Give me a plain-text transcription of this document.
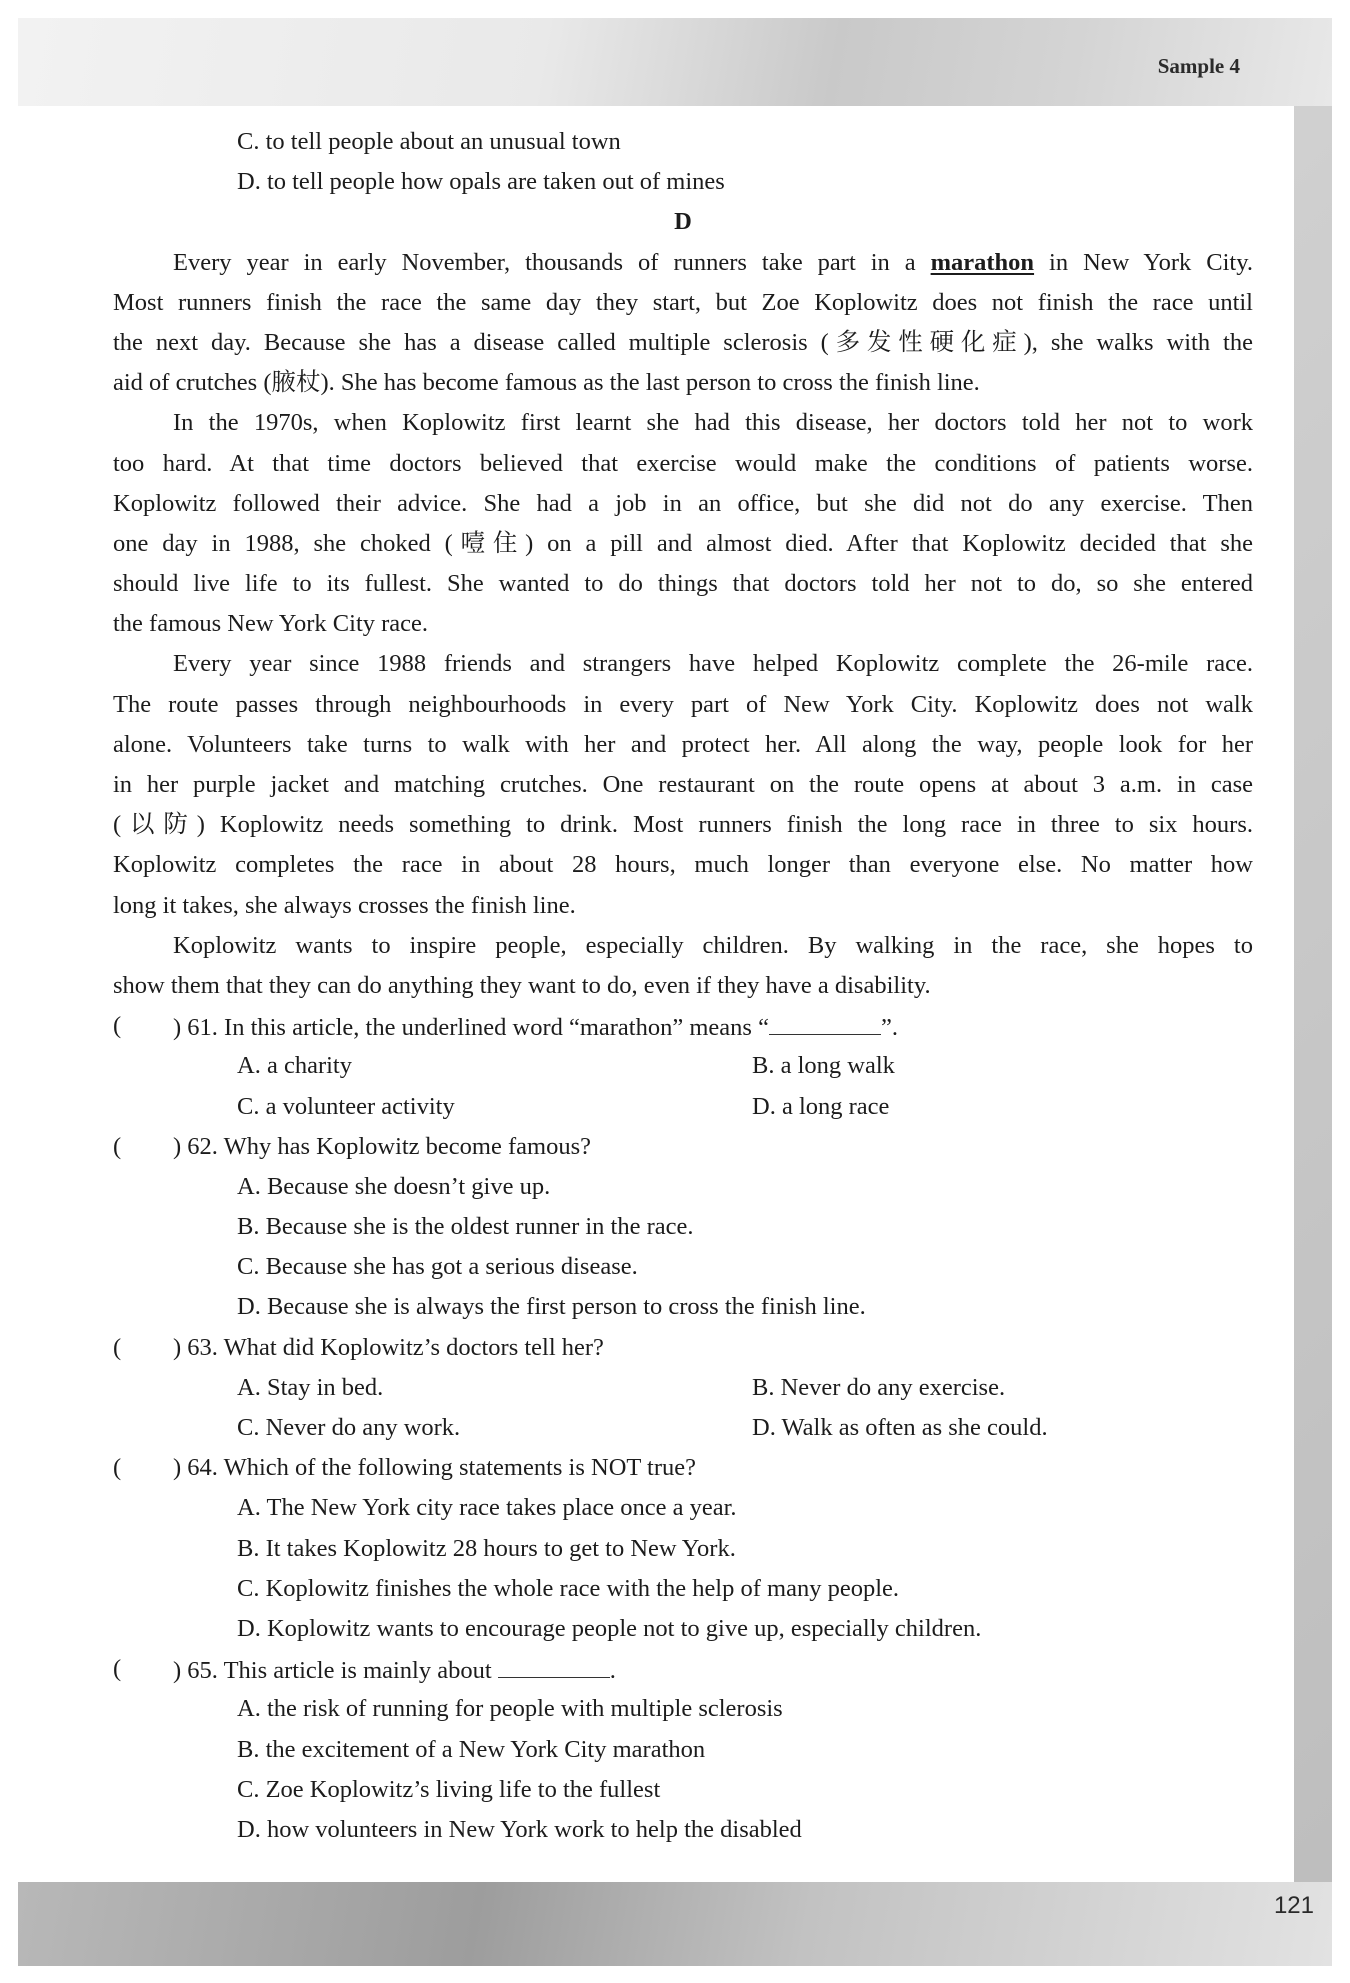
Sample 4
121
C. to tell people about an unusual town
D. to tell people how opals are taken out of mines
D
Every year in early November, thousands of runners take part in a marathon in New York City.
Most runners finish the race the same day they start, but Zoe Koplowitz does not finish the race until
the next day. Because she has a disease called multiple sclerosis (多发性硬化症), she walks with the
aid of crutches (腋杖). She has become famous as the last person to cross the finish line.
In the 1970s, when Koplowitz first learnt she had this disease, her doctors told her not to work
too hard. At that time doctors believed that exercise would make the conditions of patients worse.
Koplowitz followed their advice. She had a job in an office, but she did not do any exercise. Then
one day in 1988, she choked (噎住) on a pill and almost died. After that Koplowitz decided that she
should live life to its fullest. She wanted to do things that doctors told her not to do, so she entered
the famous New York City race.
Every year since 1988 friends and strangers have helped Koplowitz complete the 26-mile race.
The route passes through neighbourhoods in every part of New York City. Koplowitz does not walk
alone. Volunteers take turns to walk with her and protect her. All along the way, people look for her
in her purple jacket and matching crutches. One restaurant on the route opens at about 3 a.m. in case
(以防) Koplowitz needs something to drink. Most runners finish the long race in three to six hours.
Koplowitz completes the race in about 28 hours, much longer than everyone else. No matter how
long it takes, she always crosses the finish line.
Koplowitz wants to inspire people, especially children. By walking in the race, she hopes to
show them that they can do anything they want to do, even if they have a disability.
(	) 61. In this article, the underlined word “marathon” means “	”.
A. a charity	B. a long walk
C. a volunteer activity	D. a long race
(	) 62. Why has Koplowitz become famous?
A. Because she doesn’t give up.
B. Because she is the oldest runner in the race.
C. Because she has got a serious disease.
D. Because she is always the first person to cross the finish line.
(	) 63. What did Koplowitz’s doctors tell her?
A. Stay in bed.	B. Never do any exercise.
C. Never do any work.	D. Walk as often as she could.
(	) 64. Which of the following statements is NOT true?
A. The New York city race takes place once a year.
B. It takes Koplowitz 28 hours to get to New York.
C. Koplowitz finishes the whole race with the help of many people.
D. Koplowitz wants to encourage people not to give up, especially children.
(	) 65. This article is mainly about	.
A. the risk of running for people with multiple sclerosis
B. the excitement of a New York City marathon
C. Zoe Koplowitz’s living life to the fullest
D. how volunteers in New York work to help the disabled
